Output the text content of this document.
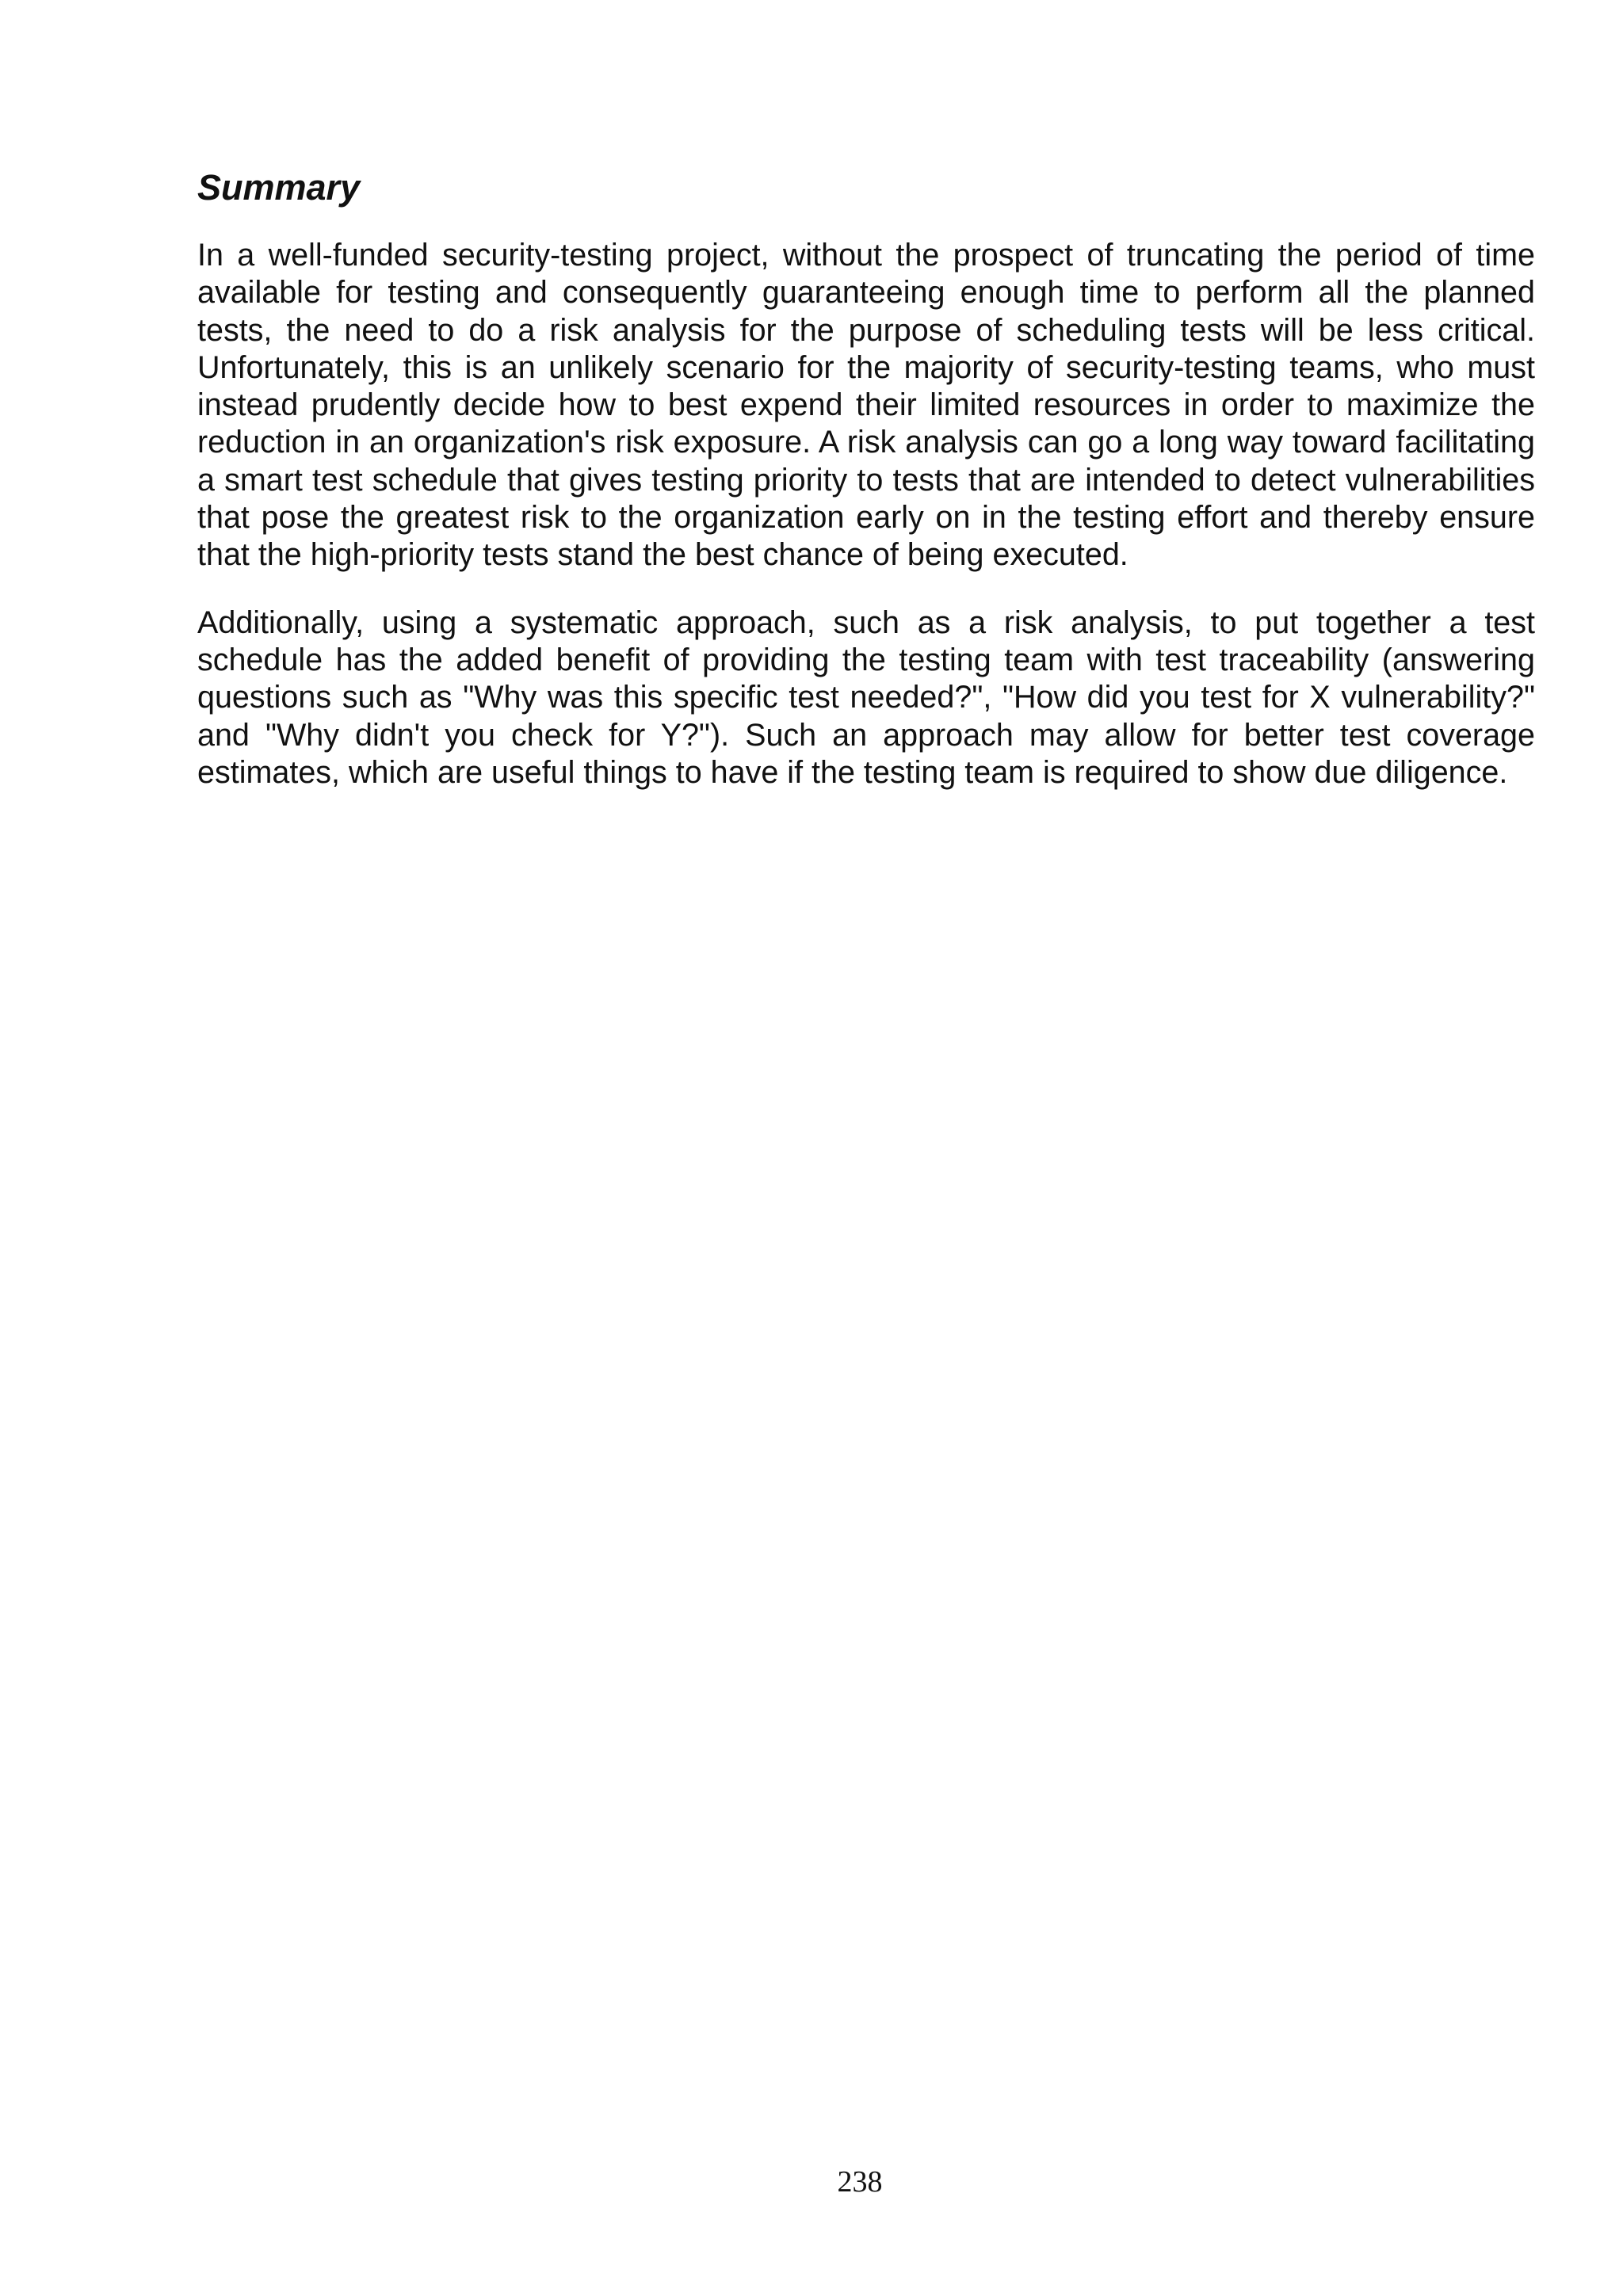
Summary

In a well-funded security-testing project, without the prospect of truncating the period of time available for testing and consequently guaranteeing enough time to perform all the planned tests, the need to do a risk analysis for the purpose of scheduling tests will be less critical. Unfortunately, this is an unlikely scenario for the majority of security-testing teams, who must instead prudently decide how to best expend their limited resources in order to maximize the reduction in an organization's risk exposure. A risk analysis can go a long way toward facilitating a smart test schedule that gives testing priority to tests that are intended to detect vulnerabilities that pose the greatest risk to the organization early on in the testing effort and thereby ensure that the high-priority tests stand the best chance of being executed.

Additionally, using a systematic approach, such as a risk analysis, to put together a test schedule has the added benefit of providing the testing team with test traceability (answering questions such as "Why was this specific test needed?", "How did you test for X vulnerability?" and "Why didn't you check for Y?"). Such an approach may allow for better test coverage estimates, which are useful things to have if the testing team is required to show due diligence.

238
